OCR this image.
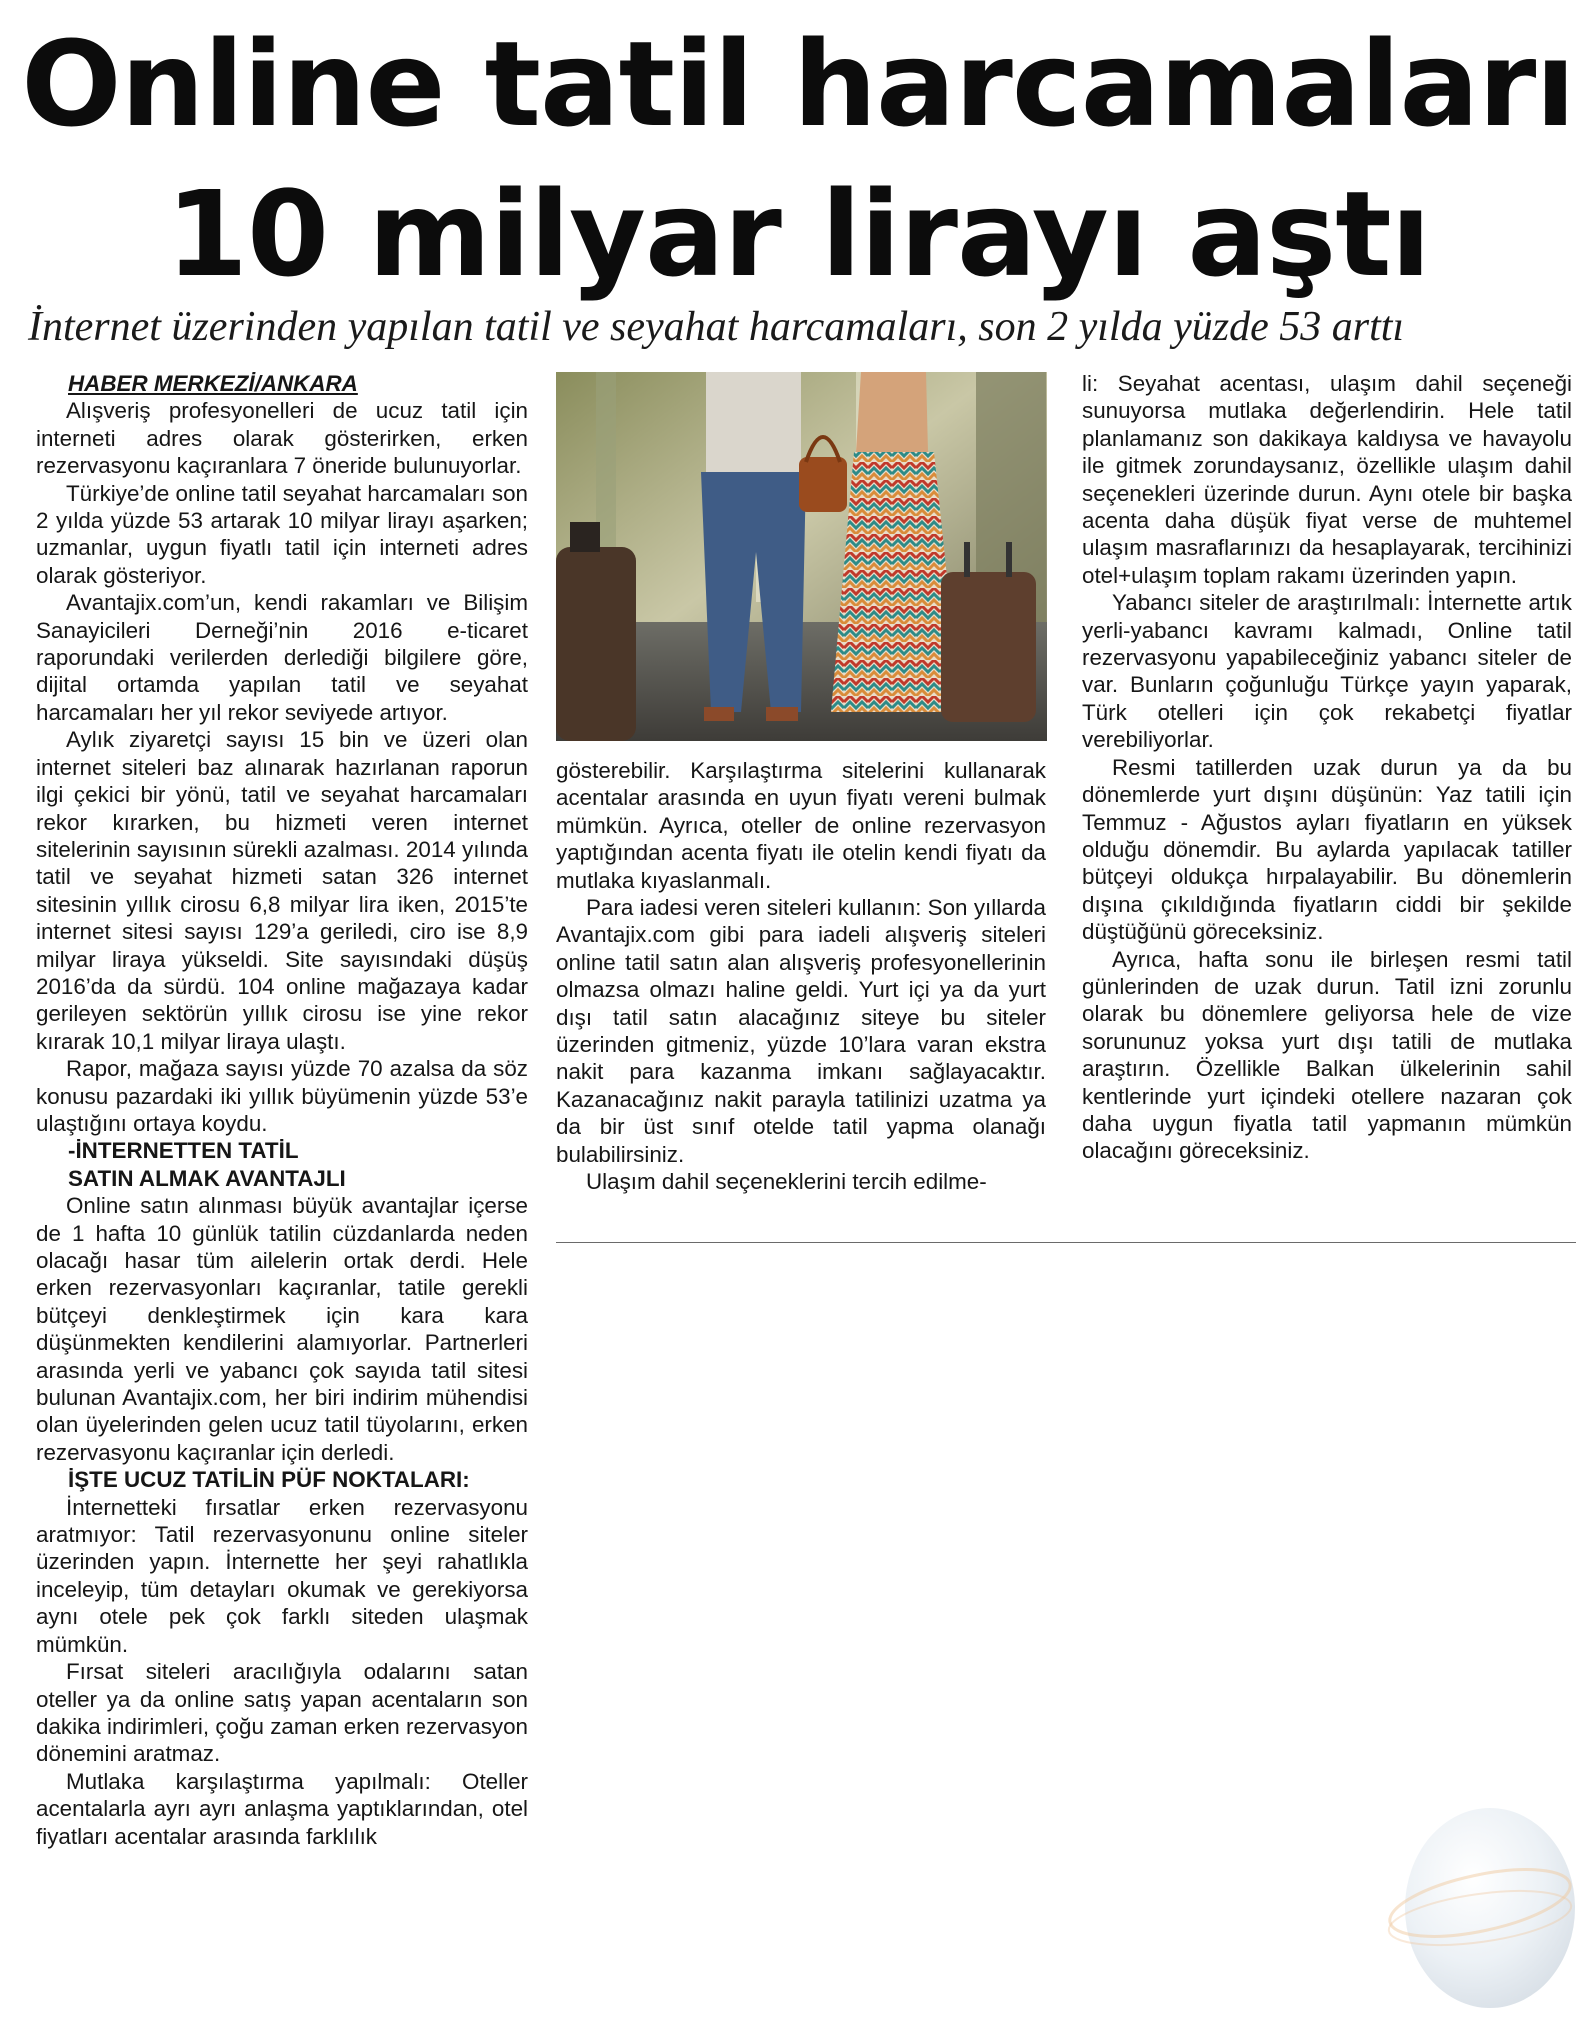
Online tatil harcamaları
10 milyar lirayı aştı
İnternet üzerinden yapılan tatil ve seyahat harcamaları, son 2 yılda yüzde 53 arttı

HABER MERKEZİ/ANKARA

Alışveriş profesyonelleri de ucuz tatil için interneti adres olarak gösterirken, erken rezervasyonu kaçıranlara 7 öneride bulunuyorlar.

Türkiye’de online tatil seyahat harcamaları son 2 yılda yüzde 53 artarak 10 milyar lirayı aşarken; uzmanlar, uygun fiyatlı tatil için interneti adres olarak gösteriyor.

Avantajix.com’un, kendi rakamları ve Bilişim Sanayicileri Derneği’nin 2016 e-ticaret raporundaki verilerden derlediği bilgilere göre, dijital ortamda yapılan tatil ve seyahat harcamaları her yıl rekor seviyede artıyor.

Aylık ziyaretçi sayısı 15 bin ve üzeri olan internet siteleri baz alınarak hazırlanan raporun ilgi çekici bir yönü, tatil ve seyahat harcamaları rekor kırarken, bu hizmeti veren internet sitelerinin sayısının sürekli azalması. 2014 yılında tatil ve seyahat hizmeti satan 326 internet sitesinin yıllık cirosu 6,8 milyar lira iken, 2015’te internet sitesi sayısı 129’a geriledi, ciro ise 8,9 milyar liraya yükseldi. Site sayısındaki düşüş 2016’da da sürdü. 104 online mağazaya kadar gerileyen sektörün yıllık cirosu ise yine rekor kırarak 10,1 milyar liraya ulaştı.

Rapor, mağaza sayısı yüzde 70 azalsa da söz konusu pazardaki iki yıllık büyümenin yüzde 53’e ulaştığını ortaya koydu.

-İNTERNETTEN TATİL

SATIN ALMAK AVANTAJLI

Online satın alınması büyük avantajlar içerse de 1 hafta 10 günlük tatilin cüzdanlarda neden olacağı hasar tüm ailelerin ortak derdi. Hele erken rezervasyonları kaçıranlar, tatile gerekli bütçeyi denkleştirmek için kara kara düşünmekten kendilerini alamıyorlar. Partnerleri arasında yerli ve yabancı çok sayıda tatil sitesi bulunan Avantajix.com, her biri indirim mühendisi olan üyelerinden gelen ucuz tatil tüyolarını, erken rezervasyonu kaçıranlar için derledi.

İŞTE UCUZ TATİLİN PÜF NOKTALARI:

İnternetteki fırsatlar erken rezervasyonu aratmıyor: Tatil rezervasyonunu online siteler üzerinden yapın. İnternette her şeyi rahatlıkla inceleyip, tüm detayları okumak ve gerekiyorsa aynı otele pek çok farklı siteden ulaşmak mümkün.

Fırsat siteleri aracılığıyla odalarını satan oteller ya da online satış yapan acentaların son dakika indirimleri, çoğu zaman erken rezervasyon dönemini aratmaz.

Mutlaka karşılaştırma yapılmalı: Oteller acentalarla ayrı ayrı anlaşma yaptıklarından, otel fiyatları acentalar arasında farklılık

gösterebilir. Karşılaştırma sitelerini kullanarak acentalar arasında en uyun fiyatı vereni bulmak mümkün. Ayrıca, oteller de online rezervasyon yaptığından acenta fiyatı ile otelin kendi fiyatı da mutlaka kıyaslanmalı.

Para iadesi veren siteleri kullanın: Son yıllarda Avantajix.com gibi para iadeli alışveriş siteleri online tatil satın alan alışveriş profesyonellerinin olmazsa olmazı haline geldi. Yurt içi ya da yurt dışı tatil satın alacağınız siteye bu siteler üzerinden gitmeniz, yüzde 10’lara varan ekstra nakit para kazanma imkanı sağlayacaktır. Kazanacağınız nakit parayla tatilinizi uzatma ya da bir üst sınıf otelde tatil yapma olanağı bulabilirsiniz.

Ulaşım dahil seçeneklerini tercih edilme-

li: Seyahat acentası, ulaşım dahil seçeneği sunuyorsa mutlaka değerlendirin. Hele tatil planlamanız son dakikaya kaldıysa ve havayolu ile gitmek zorundaysanız, özellikle ulaşım dahil seçenekleri üzerinde durun. Aynı otele bir başka acenta daha düşük fiyat verse de muhtemel ulaşım masraflarınızı da hesaplayarak, tercihinizi otel+ulaşım toplam rakamı üzerinden yapın.

Yabancı siteler de araştırılmalı: İnternette artık yerli-yabancı kavramı kalmadı, Online tatil rezervasyonu yapabileceğiniz yabancı siteler de var. Bunların çoğunluğu Türkçe yayın yaparak, Türk otelleri için çok rekabetçi fiyatlar verebiliyorlar.

Resmi tatillerden uzak durun ya da bu dönemlerde yurt dışını düşünün: Yaz tatili için Temmuz - Ağustos ayları fiyatların en yüksek olduğu dönemdir. Bu aylarda yapılacak tatiller bütçeyi oldukça hırpalayabilir. Bu dönemlerin dışına çıkıldığında fiyatların ciddi bir şekilde düştüğünü göreceksiniz.

Ayrıca, hafta sonu ile birleşen resmi tatil günlerinden de uzak durun. Tatil izni zorunlu olarak bu dönemlere geliyorsa hele de vize sorununuz yoksa yurt dışı tatili de mutlaka araştırın. Özellikle Balkan ülkelerinin sahil kentlerinde yurt içindeki otellere nazaran çok daha uygun fiyatla tatil yapmanın mümkün olacağını göreceksiniz.
